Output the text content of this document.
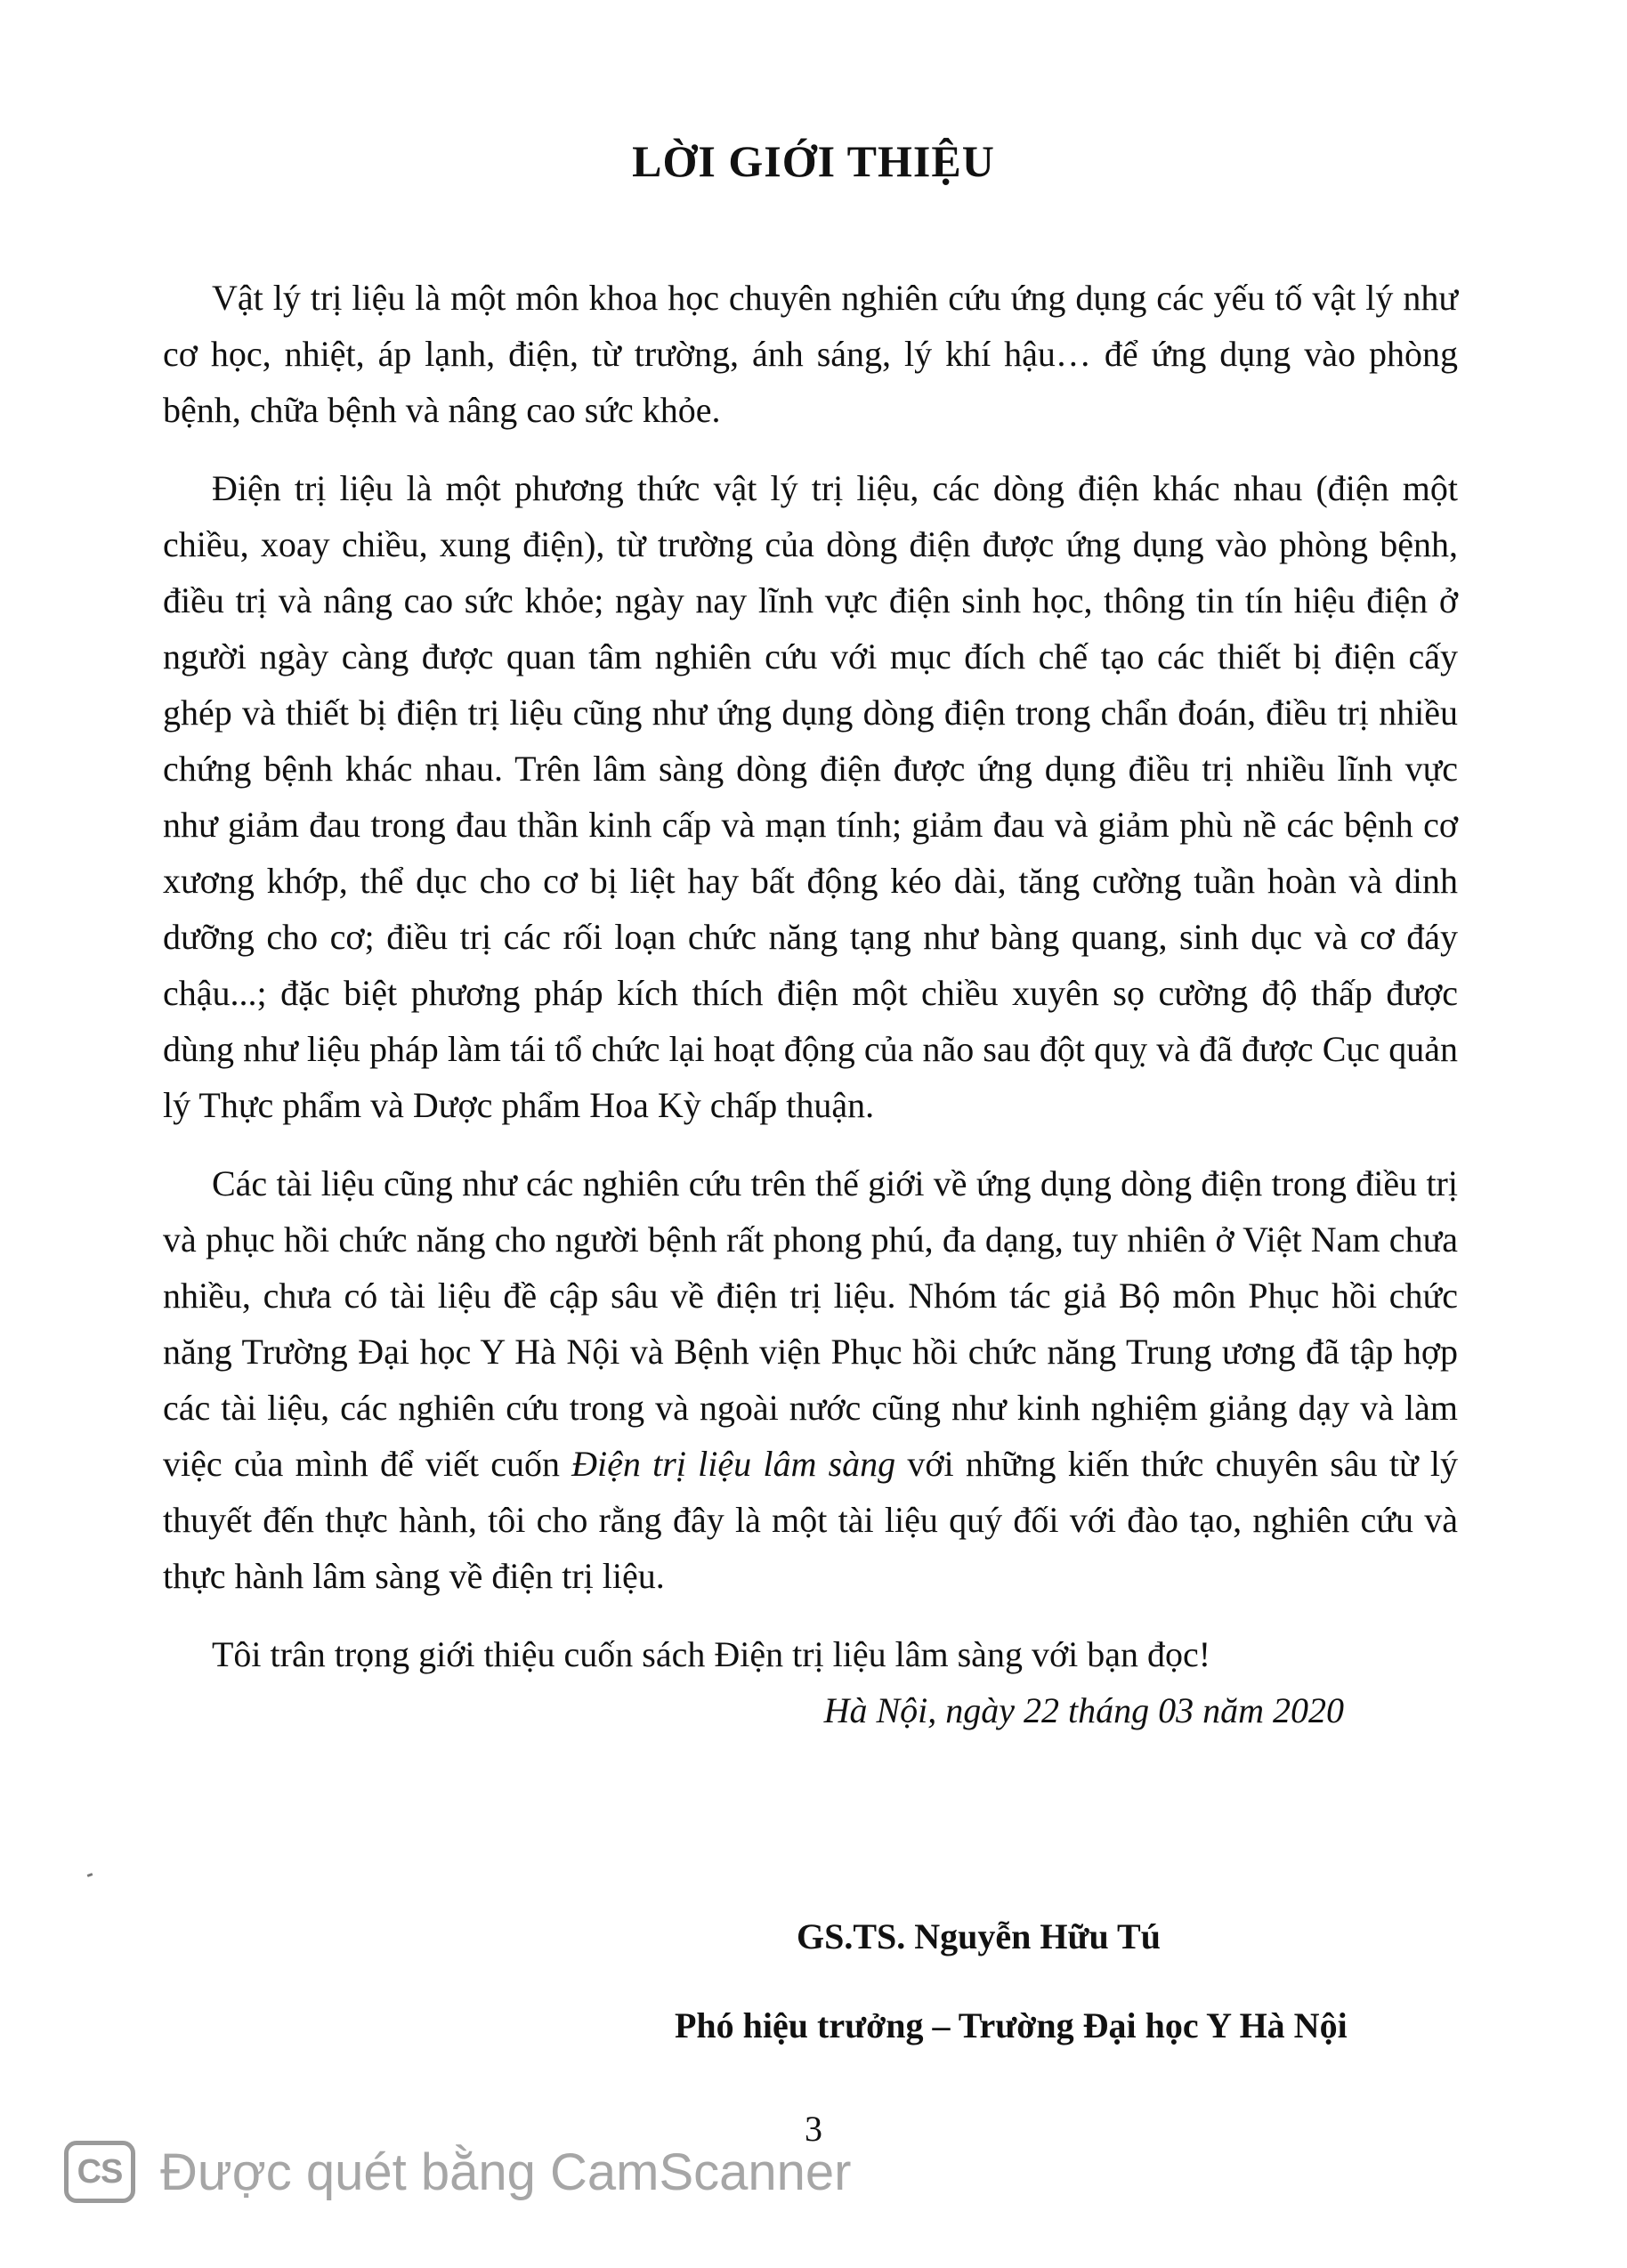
LỜI GIỚI THIỆU

Vật lý trị liệu là một môn khoa học chuyên nghiên cứu ứng dụng các yếu tố vật lý như cơ học, nhiệt, áp lạnh, điện, từ trường, ánh sáng, lý khí hậu… để ứng dụng vào phòng bệnh, chữa bệnh và nâng cao sức khỏe.

Điện trị liệu là một phương thức vật lý trị liệu, các dòng điện khác nhau (điện một chiều, xoay chiều, xung điện), từ trường của dòng điện được ứng dụng vào phòng bệnh, điều trị và nâng cao sức khỏe; ngày nay lĩnh vực điện sinh học, thông tin tín hiệu điện ở người ngày càng được quan tâm nghiên cứu với mục đích chế tạo các thiết bị điện cấy ghép và thiết bị điện trị liệu cũng như ứng dụng dòng điện trong chẩn đoán, điều trị nhiều chứng bệnh khác nhau. Trên lâm sàng dòng điện được ứng dụng điều trị nhiều lĩnh vực như giảm đau trong đau thần kinh cấp và mạn tính; giảm đau và giảm phù nề các bệnh cơ xương khớp, thể dục cho cơ bị liệt hay bất động kéo dài, tăng cường tuần hoàn và dinh dưỡng cho cơ; điều trị các rối loạn chức năng tạng như bàng quang, sinh dục và cơ đáy chậu...; đặc biệt phương pháp kích thích điện một chiều xuyên sọ cường độ thấp được dùng như liệu pháp làm tái tổ chức lại hoạt động của não sau đột quỵ và đã được Cục quản lý Thực phẩm và Dược phẩm Hoa Kỳ chấp thuận.

Các tài liệu cũng như các nghiên cứu trên thế giới về ứng dụng dòng điện trong điều trị và phục hồi chức năng cho người bệnh rất phong phú, đa dạng, tuy nhiên ở Việt Nam chưa nhiều, chưa có tài liệu đề cập sâu về điện trị liệu. Nhóm tác giả Bộ môn Phục hồi chức năng Trường Đại học Y Hà Nội và Bệnh viện Phục hồi chức năng Trung ương đã tập hợp các tài liệu, các nghiên cứu trong và ngoài nước cũng như kinh nghiệm giảng dạy và làm việc của mình để viết cuốn Điện trị liệu lâm sàng với những kiến thức chuyên sâu từ lý thuyết đến thực hành, tôi cho rằng đây là một tài liệu quý đối với đào tạo, nghiên cứu và thực hành lâm sàng về điện trị liệu.

Tôi trân trọng giới thiệu cuốn sách Điện trị liệu lâm sàng với bạn đọc!

Hà Nội, ngày 22 tháng 03 năm 2020

GS.TS. Nguyễn Hữu Tú

Phó hiệu trưởng – Trường Đại học Y Hà Nội

3

CS Được quét bằng CamScanner
